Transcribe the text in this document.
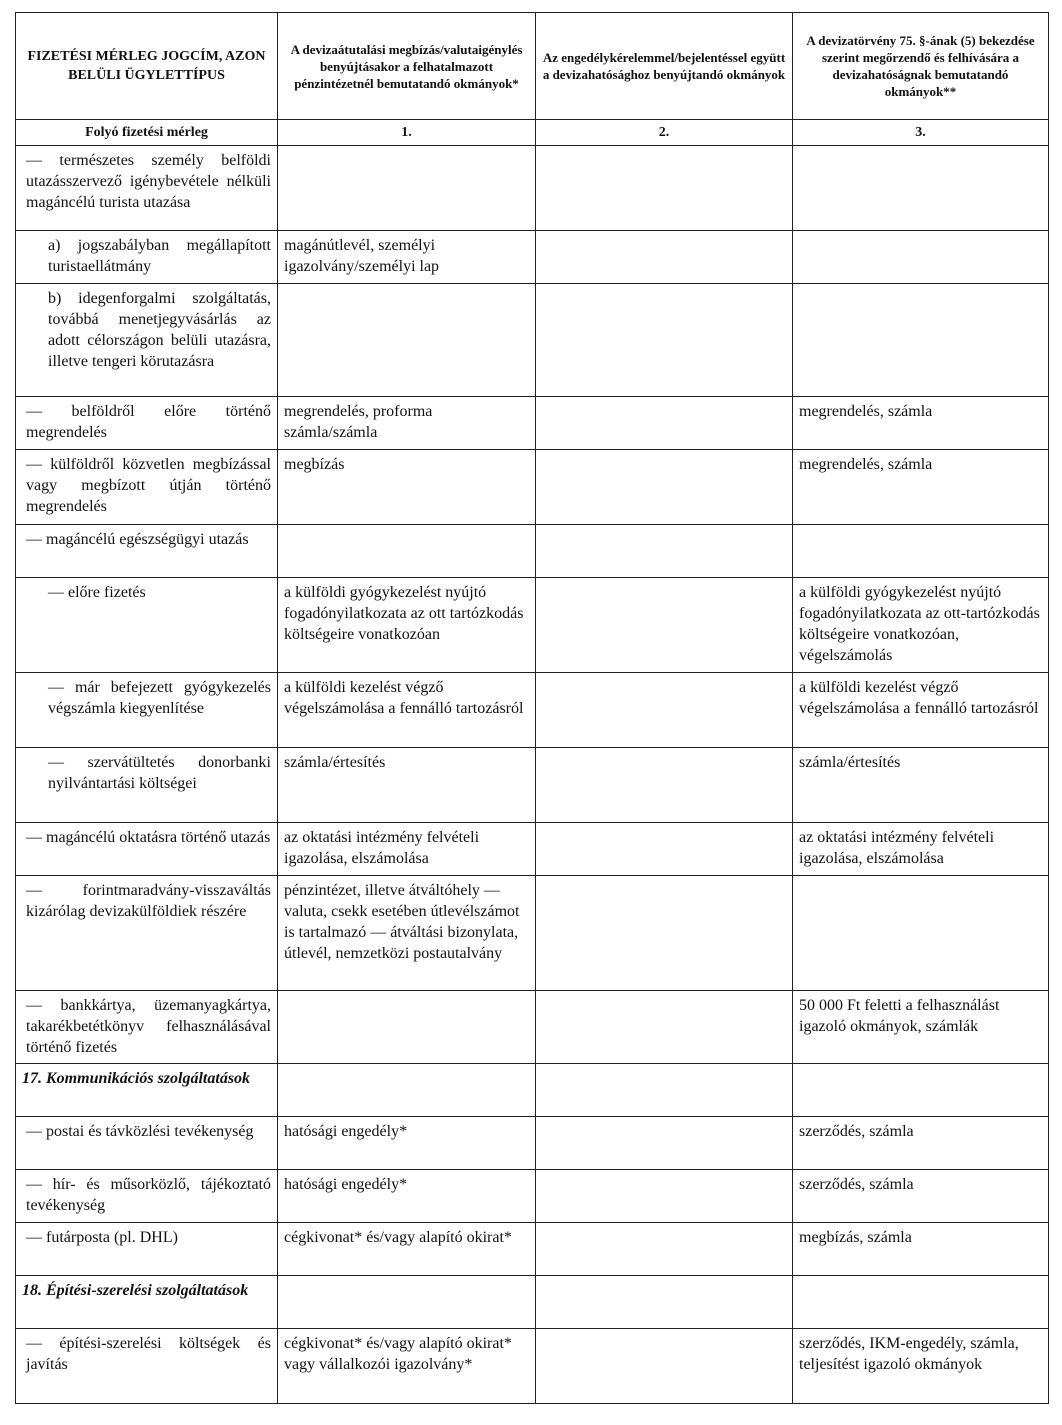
FIZETÉSI MÉRLEG JOGCÍM, AZON BELÜLI ÜGYLETTÍPUS	A devizaátutalási megbízás/valutaigénylés benyújtásakor a felhatalmazott pénzintézetnél bemutatandó okmányok*	Az engedélykérelemmel/bejelentéssel együtt a devizahatósághoz benyújtandó okmányok	A devizatörvény 75. §-ának (5) bekezdése szerint megőrzendő és felhívására a devizahatóságnak bemutatandó okmányok**
Folyó fizetési mérleg	1.	2.	3.
— természetes személy belföldi utazásszervező igénybevétele nélküli magáncélú turista utazása			
a) jogszabályban megállapított turistaellátmány	magánútlevél, személyi igazolvány/személyi lap		
b) idegenforgalmi szolgáltatás, továbbá menetjegyvásárlás az adott célországon belüli utazásra, illetve tengeri körutazásra			
— belföldről előre történő megrendelés	megrendelés, proforma számla/számla		megrendelés, számla
— külföldről közvetlen megbízással vagy megbízott útján történő megrendelés	megbízás		megrendelés, számla
— magáncélú egészségügyi utazás			
— előre fizetés	a külföldi gyógykezelést nyújtó fogadónyilatkozata az ott tartózkodás költségeire vonatkozóan		a külföldi gyógykezelést nyújtó fogadónyilatkozata az ott-tartózkodás költségeire vonatkozóan, végelszámolás
— már befejezett gyógykezelés végszámla kiegyenlítése	a külföldi kezelést végző végelszámolása a fennálló tartozásról		a külföldi kezelést végző végelszámolása a fennálló tartozásról
— szervátültetés donorbanki nyilvántartási költségei	számla/értesítés		számla/értesítés
— magáncélú oktatásra történő utazás	az oktatási intézmény felvételi igazolása, elszámolása		az oktatási intézmény felvételi igazolása, elszámolása
— forintmaradvány-visszaváltás kizárólag devizakülföldiek részére	pénzintézet, illetve átváltóhely — valuta, csekk esetében útlevélszámot is tartalmazó — átváltási bizonylata, útlevél, nemzetközi postautalvány		
— bankkártya, üzemanyagkártya, takarékbetétkönyv felhasználásával történő fizetés			50 000 Ft feletti a felhasználást igazoló okmányok, számlák
17. Kommunikációs szolgáltatások			
— postai és távközlési tevékenység	hatósági engedély*		szerződés, számla
— hír- és műsorközlő, tájékoztató tevékenység	hatósági engedély*		szerződés, számla
— futárposta (pl. DHL)	cégkivonat* és/vagy alapító okirat*		megbízás, számla
18. Építési-szerelési szolgáltatások			
— építési-szerelési költségek és javítás	cégkivonat* és/vagy alapító okirat* vagy vállalkozói igazolvány*		szerződés, IKM-engedély, számla, teljesítést igazoló okmányok
